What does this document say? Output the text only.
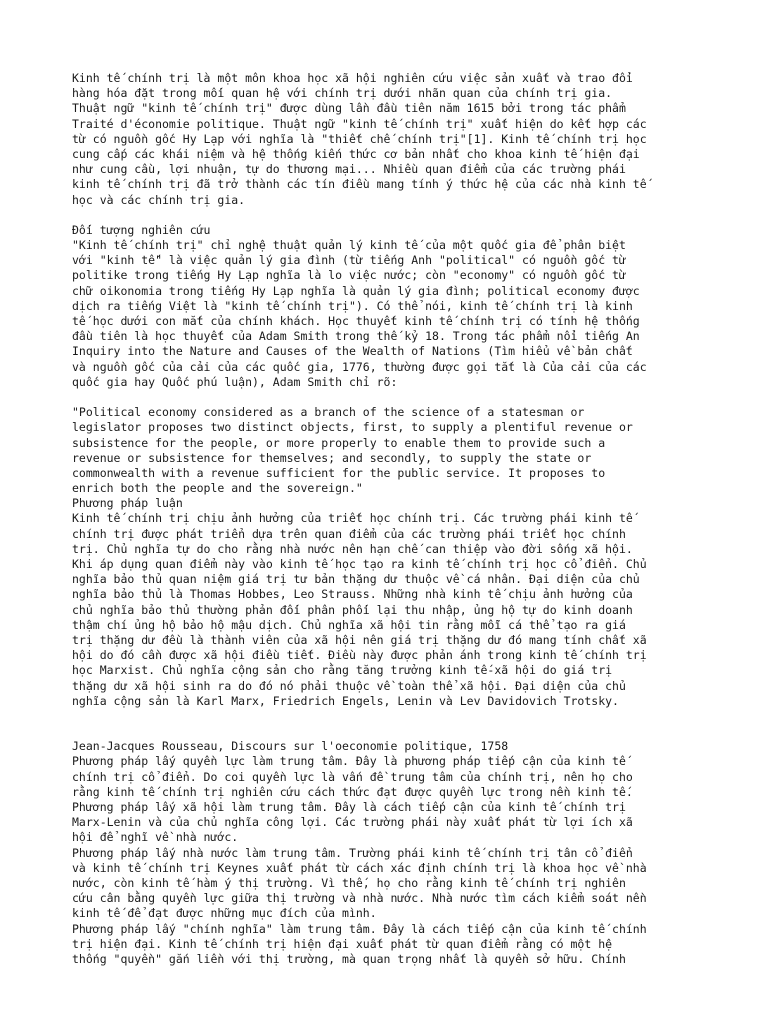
Kinh tế chính trị là một môn khoa học xã hội nghiên cứu việc sản xuất và trao đổi
hàng hóa đặt trong mối quan hệ với chính trị dưới nhãn quan của chính trị gia.
Thuật ngữ "kinh tế chính trị" được dùng lần đầu tiên năm 1615 bởi trong tác phẩm
Traité d'économie politique. Thuật ngữ "kinh tế chính trị" xuất hiện do kết hợp các
từ có nguồn gốc Hy Lạp với nghĩa là "thiết chế chính trị"[1]. Kinh tế chính trị học
cung cấp các khái niệm và hệ thống kiến thức cơ bản nhất cho khoa kinh tế hiện đại
như cung cầu, lợi nhuận, tự do thương mại... Nhiều quan điểm của các trường phái
kinh tế chính trị đã trở thành các tín điều mang tính ý thức hệ của các nhà kinh tế
học và các chính trị gia.
Đối tượng nghiên cứu
"Kinh tế chính trị" chỉ nghệ thuật quản lý kinh tế của một quốc gia để phân biệt
với "kinh tế" là việc quản lý gia đình (từ tiếng Anh "political" có nguồn gốc từ
politike trong tiếng Hy Lạp nghĩa là lo việc nước; còn "economy" có nguồn gốc từ
chữ oikonomia trong tiếng Hy Lạp nghĩa là quản lý gia đình; political economy được
dịch ra tiếng Việt là "kinh tế chính trị"). Có thể nói, kinh tế chính trị là kinh
tế học dưới con mắt của chính khách. Học thuyết kinh tế chính trị có tính hệ thống
đầu tiên là học thuyết của Adam Smith trong thế kỷ 18. Trong tác phẩm nổi tiếng An
Inquiry into the Nature and Causes of the Wealth of Nations (Tìm hiểu về bản chất
và nguồn gốc của cải của các quốc gia, 1776, thường được gọi tắt là Của cải của các
quốc gia hay Quốc phú luận), Adam Smith chỉ rõ:
"Political economy considered as a branch of the science of a statesman or
legislator proposes two distinct objects, first, to supply a plentiful revenue or
subsistence for the people, or more properly to enable them to provide such a
revenue or subsistence for themselves; and secondly, to supply the state or
commonwealth with a revenue sufficient for the public service. It proposes to
enrich both the people and the sovereign."
Phương pháp luận
Kinh tế chính trị chịu ảnh hưởng của triết học chính trị. Các trường phái kinh tế
chính trị được phát triển dựa trên quan điểm của các trường phái triết học chính
trị. Chủ nghĩa tự do cho rằng nhà nước nên hạn chế can thiệp vào đời sống xã hội.
Khi áp dụng quan điểm này vào kinh tế học tạo ra kinh tế chính trị học cổ điển. Chủ
nghĩa bảo thủ quan niệm giá trị tư bản thặng dư thuộc về cá nhân. Đại diện của chủ
nghĩa bảo thủ là Thomas Hobbes, Leo Strauss. Những nhà kinh tế chịu ảnh hưởng của
chủ nghĩa bảo thủ thường phản đối phân phối lại thu nhập, ủng hộ tự do kinh doanh
thậm chí ủng hộ bảo hộ mậu dịch. Chủ nghĩa xã hội tin rằng mỗi cá thể tạo ra giá
trị thặng dư đều là thành viên của xã hội nên giá trị thặng dư đó mang tính chất xã
hội do đó cần được xã hội điều tiết. Điều này được phản ánh trong kinh tế chính trị
học Marxist. Chủ nghĩa cộng sản cho rằng tăng trưởng kinh tế-xã hội do giá trị
thặng dư xã hội sinh ra do đó nó phải thuộc về toàn thể xã hội. Đại diện của chủ
nghĩa cộng sản là Karl Marx, Friedrich Engels, Lenin và Lev Davidovich Trotsky.
Jean-Jacques Rousseau, Discours sur l'oeconomie politique, 1758
Phương pháp lấy quyền lực làm trung tâm. Đây là phương pháp tiếp cận của kinh tế
chính trị cổ điển. Do coi quyền lực là vấn đề trung tâm của chính trị, nên họ cho
rằng kinh tế chính trị nghiên cứu cách thức đạt được quyền lực trong nền kinh tế.
Phương pháp lấy xã hội làm trung tâm. Đây là cách tiếp cận của kinh tế chính trị
Marx-Lenin và của chủ nghĩa công lợi. Các trường phái này xuất phát từ lợi ích xã
hội để nghĩ về nhà nước.
Phương pháp lấy nhà nước làm trung tâm. Trường phái kinh tế chính trị tân cổ điển
và kinh tế chính trị Keynes xuất phát từ cách xác định chính trị là khoa học về nhà
nước, còn kinh tế hàm ý thị trường. Vì thế, họ cho rằng kinh tế chính trị nghiên
cứu cân bằng quyền lực giữa thị trường và nhà nước. Nhà nước tìm cách kiểm soát nền
kinh tế để đạt được những mục đích của mình.
Phương pháp lấy "chính nghĩa" làm trung tâm. Đây là cách tiếp cận của kinh tế chính
trị hiện đại. Kinh tế chính trị hiện đại xuất phát từ quan điểm rằng có một hệ
thống "quyền" gắn liền với thị trường, mà quan trọng nhất là quyền sở hữu. Chính
